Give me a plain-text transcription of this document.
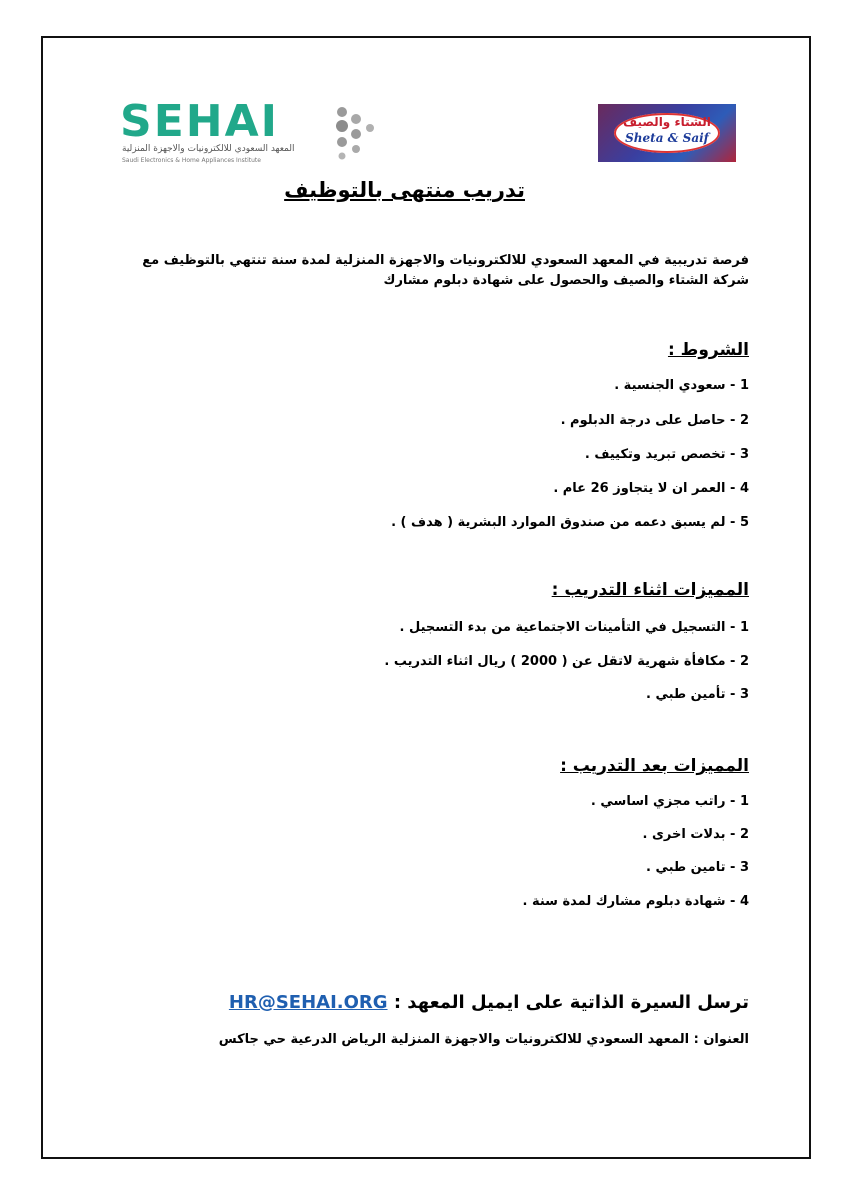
SEHAI
المعهد السعودي للالكترونيات والاجهزة المنزلية
Saudi Electronics & Home Appliances Institute
الشتاء والصيف
Sheta & Saif
تدريب منتهى بالتوظيف
فرصة تدريبية في المعهد السعودي للالكترونيات والاجهزة المنزلية لمدة سنة تنتهي بالتوظيف مع شركة الشتاء والصيف والحصول على شهادة دبلوم مشارك
الشروط :
1 - سعودي الجنسية .
2 - حاصل على درجة الدبلوم .
3 - تخصص تبريد وتكييف .
4 - العمر ان لا يتجاوز 26 عام .
5 - لم يسبق دعمه من صندوق الموارد البشرية ( هدف ) .
المميزات اثناء التدريب :
1 - التسجيل في التأمينات الاجتماعية من بدء التسجيل .
2 - مكافأة شهرية لاتقل عن ( 2000 ) ريال اثناء التدريب .
3 - تأمين طبي .
المميزات بعد التدريب :
1 - راتب مجزي اساسي .
2 - بدلات اخرى .
3 - تامين طبي .
4 - شهادة دبلوم مشارك لمدة سنة .
ترسل السيرة الذاتية على ايميل المعهد : HR@SEHAI.ORG
العنوان : المعهد السعودي للالكترونيات والاجهزة المنزلية الرياض الدرعية حي جاكس
